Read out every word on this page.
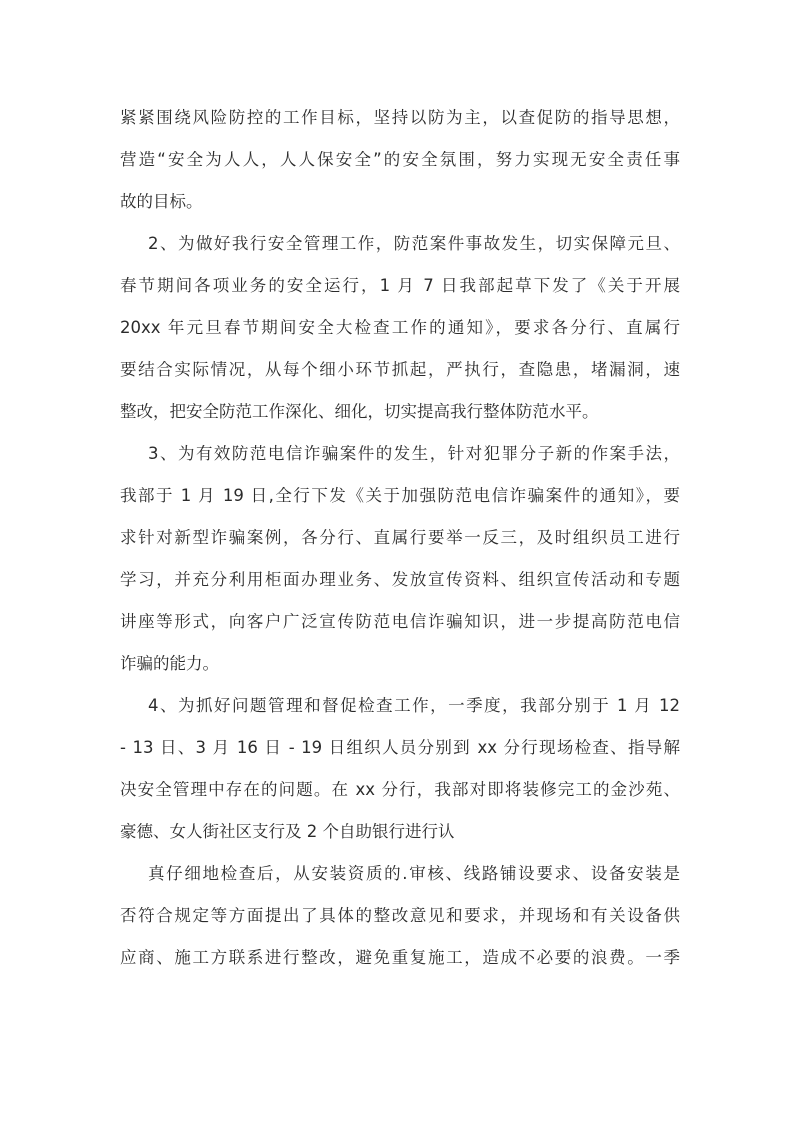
紧紧围绕风险防控的工作目标，坚持以防为主，以查促防的指导思想，
营造“安全为人人，人人保安全”的安全氛围，努力实现无安全责任事
故的目标。
2、为做好我行安全管理工作，防范案件事故发生，切实保障元旦、
春节期间各项业务的安全运行，1 月 7 日我部起草下发了《关于开展
20xx 年元旦春节期间安全大检查工作的通知》，要求各分行、直属行
要结合实际情况，从每个细小环节抓起，严执行，查隐患，堵漏洞，速
整改，把安全防范工作深化、细化，切实提高我行整体防范水平。
3、为有效防范电信诈骗案件的发生，针对犯罪分子新的作案手法，
我部于 1 月 19 日,全行下发《关于加强防范电信诈骗案件的通知》，要
求针对新型诈骗案例，各分行、直属行要举一反三，及时组织员工进行
学习，并充分利用柜面办理业务、发放宣传资料、组织宣传活动和专题
讲座等形式，向客户广泛宣传防范电信诈骗知识，进一步提高防范电信
诈骗的能力。
4、为抓好问题管理和督促检查工作，一季度，我部分别于 1 月 12
- 13 日、3 月 16 日 - 19 日组织人员分别到 xx 分行现场检查、指导解
决安全管理中存在的问题。在 xx 分行，我部对即将装修完工的金沙苑、
豪德、女人街社区支行及 2 个自助银行进行认
真仔细地检查后，从安装资质的.审核、线路铺设要求、设备安装是
否符合规定等方面提出了具体的整改意见和要求，并现场和有关设备供
应商、施工方联系进行整改，避免重复施工，造成不必要的浪费。一季
